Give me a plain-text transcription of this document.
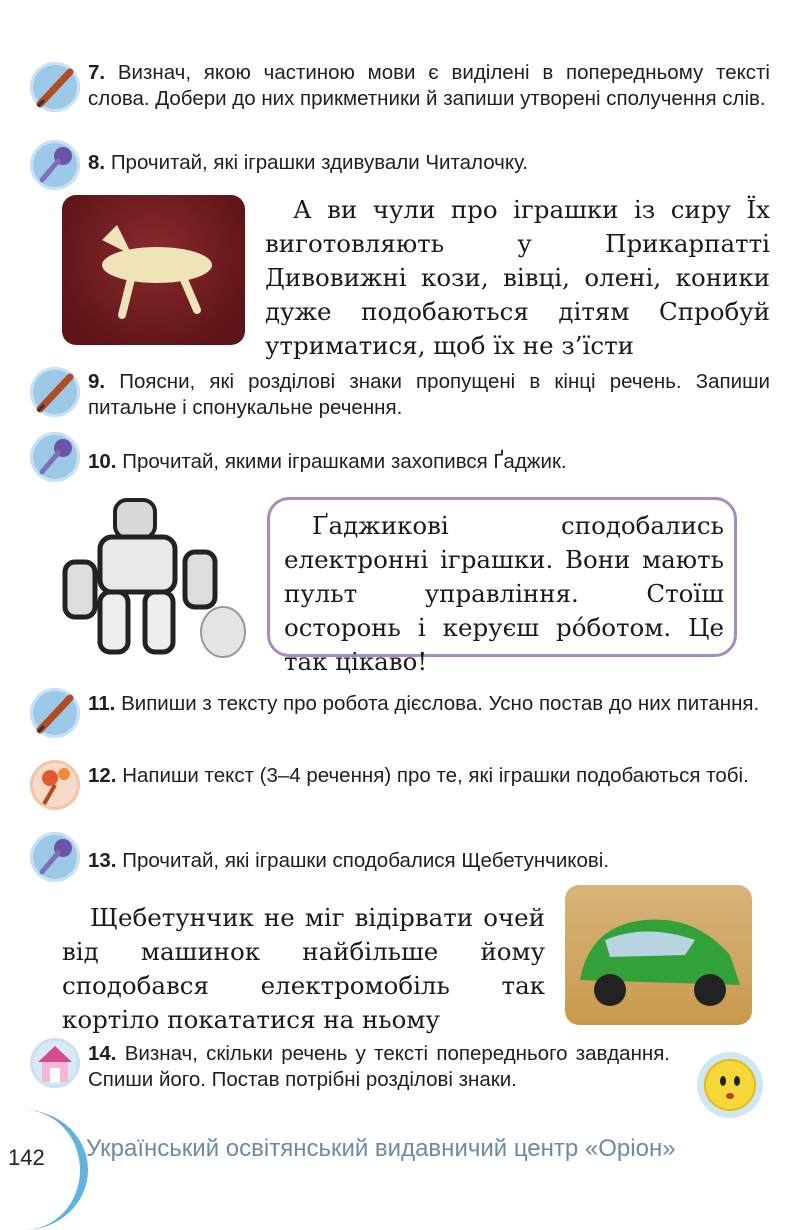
7. Визнач, якою частиною мови є виділені в попередньому тексті слова. Добери до них прикметники й запиши утворені сполучення слів.
8. Прочитай, які іграшки здивували Читалочку.
А ви чули про іграшки із сиру Їх виготовляють у Прикарпатті Дивовижні кози, вівці, олені, коники дуже подобаються дітям Спробуй утриматися, щоб їх не з’їсти
9. Поясни, які розділові знаки пропущені в кінці речень. Запиши питальне і спонукальне речення.
10. Прочитай, якими іграшками захопився Ґаджик.
Ґаджикові сподобались електронні іграшки. Вони мають пульт управління. Стоїш осторонь і керуєш ро́ботом. Це так цікаво!
11. Випиши з тексту про робота дієслова. Усно постав до них питання.
12. Напиши текст (3–4 речення) про те, які іграшки подобаються тобі.
13. Прочитай, які іграшки сподобалися Щебетунчикові.
Щебетунчик не міг відірвати очей від машинок найбільше йому сподобався електромобіль так кортіло покататися на ньому
14. Визнач, скільки речень у тексті попереднього завдання. Спиши його. Постав потрібні розділові знаки.
142 Український освітянський видавничий центр «Оріон»
